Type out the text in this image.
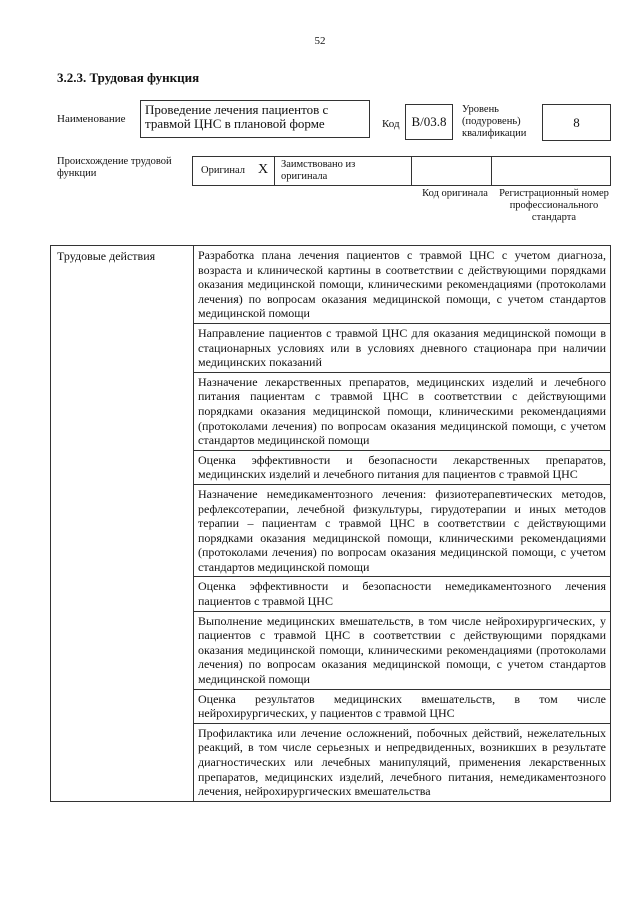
52
3.2.3. Трудовая функция
Наименование
Проведение лечения пациентов с травмой ЦНС в плановой форме	Код B/03.8
Уровень (подуровень) квалификации
8
Происхождение трудовой функции	Оригинал X Заимствовано из оригинала
Код оригинала	Регистрационный номер профессионального стандарта
Трудовые действия	Разработка плана лечения пациентов с травмой ЦНС с учетом диагноза, возраста и клинической картины в соответствии с действующими порядками оказания медицинской помощи, клиническими рекомендациями (протоколами лечения) по вопросам оказания медицинской помощи, с учетом стандартов медицинской помощи
Направление пациентов с травмой ЦНС для оказания медицинской помощи в стационарных условиях или в условиях дневного стационара при наличии медицинских показаний
Назначение лекарственных препаратов, медицинских изделий и лечебного питания пациентам с травмой ЦНС в соответствии с действующими порядками оказания медицинской помощи, клиническими рекомендациями (протоколами лечения) по вопросам оказания медицинской помощи, с учетом стандартов медицинской помощи
Оценка эффективности и безопасности лекарственных препаратов, медицинских изделий и лечебного питания для пациентов с травмой ЦНС
Назначение немедикаментозного лечения: физиотерапевтических методов, рефлексотерапии, лечебной физкультуры, гирудотерапии и иных методов терапии – пациентам с травмой ЦНС в соответствии с действующими порядками оказания медицинской помощи, клиническими рекомендациями (протоколами лечения) по вопросам оказания медицинской помощи, с учетом стандартов медицинской помощи
Оценка эффективности и безопасности немедикаментозного лечения пациентов с травмой ЦНС
Выполнение медицинских вмешательств, в том числе нейрохирургических, у пациентов с травмой ЦНС в соответствии с действующими порядками оказания медицинской помощи, клиническими рекомендациями (протоколами лечения) по вопросам оказания медицинской помощи, с учетом стандартов медицинской помощи
Оценка результатов медицинских вмешательств, в том числе нейрохирургических, у пациентов с травмой ЦНС
Профилактика или лечение осложнений, побочных действий, нежелательных реакций, в том числе серьезных и непредвиденных, возникших в результате диагностических или лечебных манипуляций, применения лекарственных препаратов, медицинских изделий, лечебного питания, немедикаментозного лечения, нейрохирургических вмешательства
